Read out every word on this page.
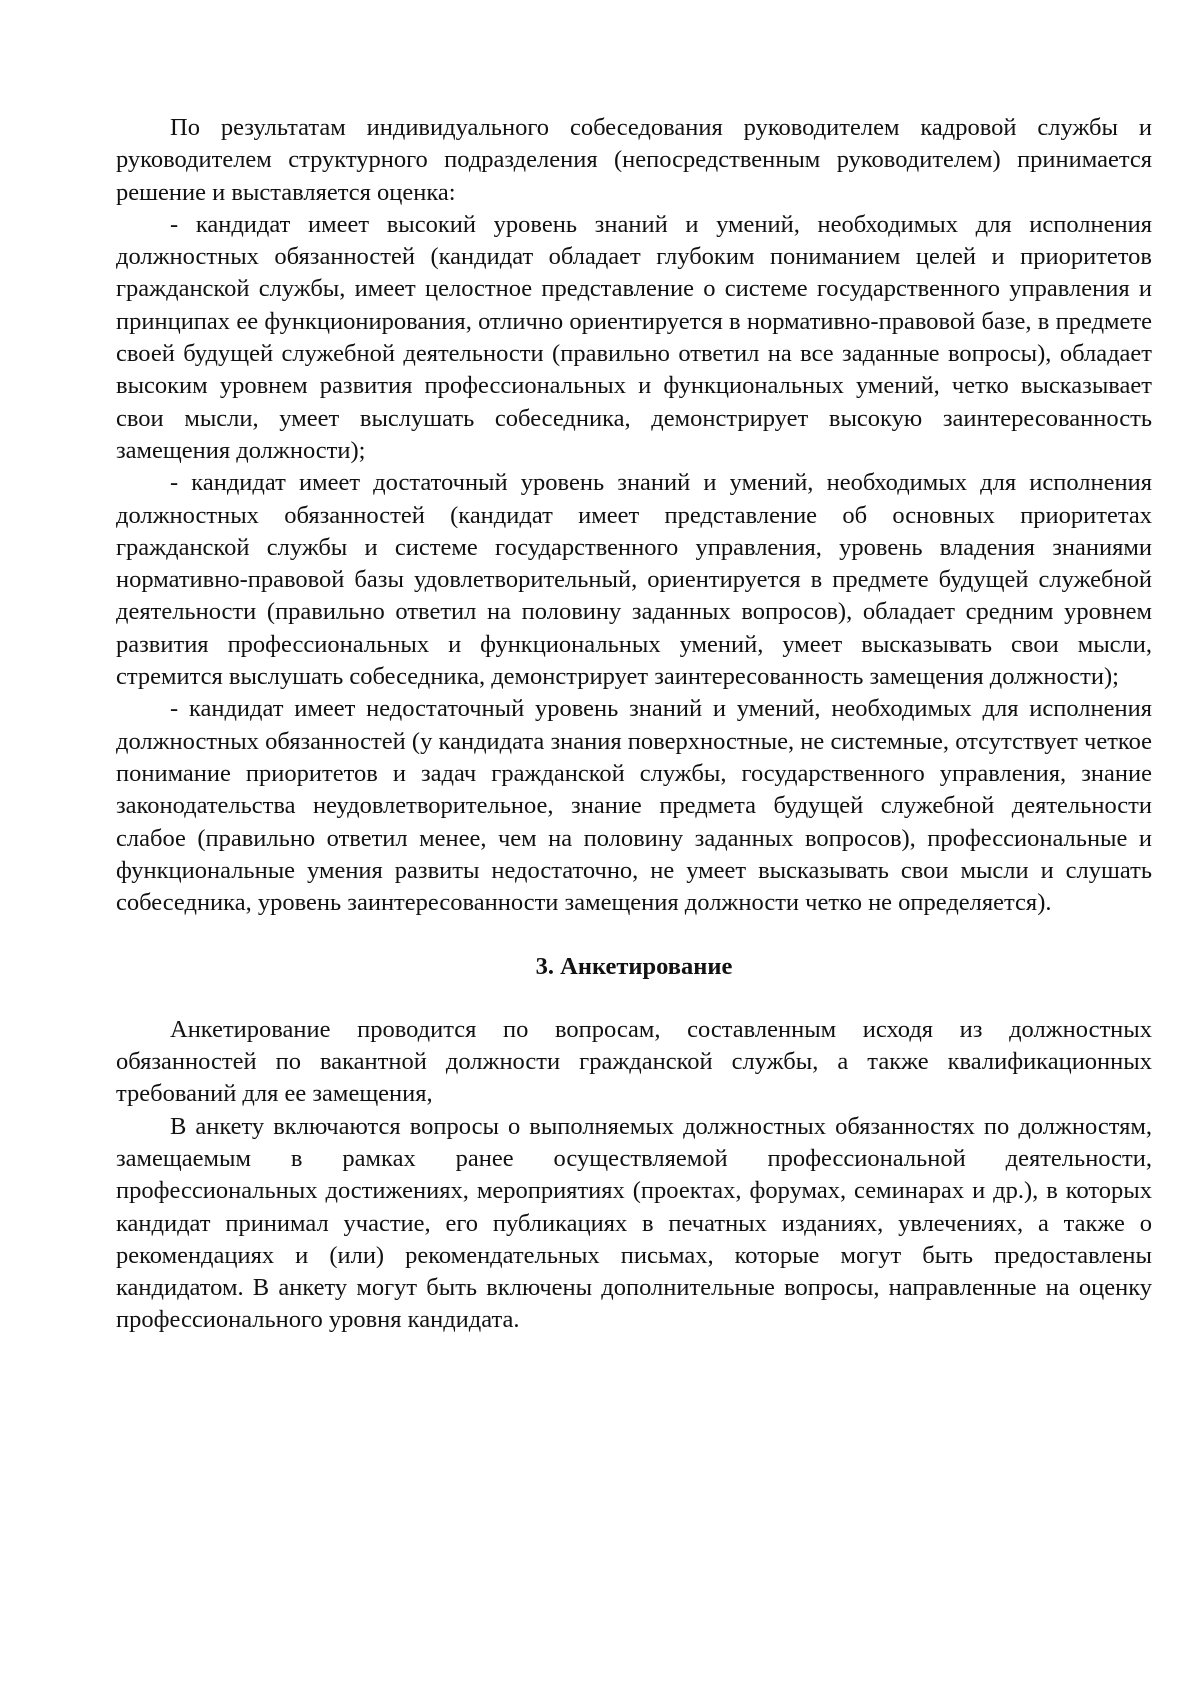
По результатам индивидуального собеседования руководителем кадровой службы и руководителем структурного подразделения (непосредственным руководителем) принимается решение и выставляется оценка:

- кандидат имеет высокий уровень знаний и умений, необходимых для исполнения должностных обязанностей (кандидат обладает глубоким пониманием целей и приоритетов гражданской службы, имеет целостное представление о системе государственного управления и принципах ее функционирования, отлично ориентируется в нормативно-правовой базе, в предмете своей будущей служебной деятельности (правильно ответил на все заданные вопросы), обладает высоким уровнем развития профессиональных и функциональных умений, четко высказывает свои мысли, умеет выслушать собеседника, демонстрирует высокую заинтересованность замещения должности);

- кандидат имеет достаточный уровень знаний и умений, необходимых для исполнения должностных обязанностей (кандидат имеет представление об основных приоритетах гражданской службы и системе государственного управления, уровень владения знаниями нормативно-правовой базы удовлетворительный, ориентируется в предмете будущей служебной деятельности (правильно ответил на половину заданных вопросов), обладает средним уровнем развития профессиональных и функциональных умений, умеет высказывать свои мысли, стремится выслушать собеседника, демонстрирует заинтересованность замещения должности);

- кандидат имеет недостаточный уровень знаний и умений, необходимых для исполнения должностных обязанностей (у кандидата знания поверхностные, не системные, отсутствует четкое понимание приоритетов и задач гражданской службы, государственного управления, знание законодательства неудовлетворительное, знание предмета будущей служебной деятельности слабое (правильно ответил менее, чем на половину заданных вопросов), профессиональные и функциональные умения развиты недостаточно, не умеет высказывать свои мысли и слушать собеседника, уровень заинтересованности замещения должности четко не определяется).

3. Анкетирование

Анкетирование проводится по вопросам, составленным исходя из должностных обязанностей по вакантной должности гражданской службы, а также квалификационных требований для ее замещения,

В анкету включаются вопросы о выполняемых должностных обязанностях по должностям, замещаемым в рамках ранее осуществляемой профессиональной деятельности, профессиональных достижениях, мероприятиях (проектах, форумах, семинарах и др.), в которых кандидат принимал участие, его публикациях в печатных изданиях, увлечениях, а также о рекомендациях и (или) рекомендательных письмах, которые могут быть предоставлены кандидатом. В анкету могут быть включены дополнительные вопросы, направленные на оценку профессионального уровня кандидата.
